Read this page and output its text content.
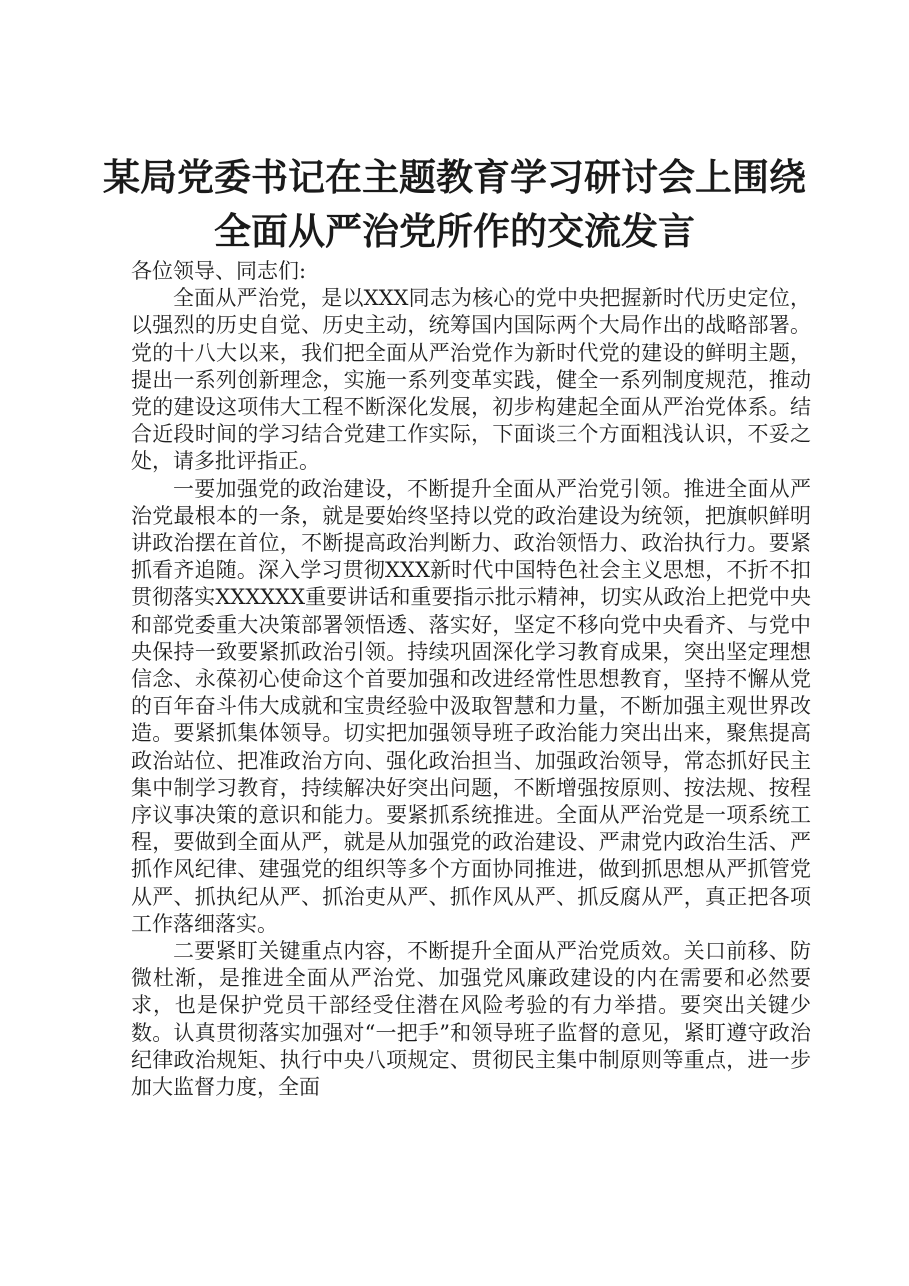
某局党委书记在主题教育学习研讨会上围绕全面从严治党所作的交流发言

各位领导、同志们:

全面从严治党，是以XXX同志为核心的党中央把握新时代历史定位，以强烈的历史自觉、历史主动，统筹国内国际两个大局作出的战略部署。党的十八大以来，我们把全面从严治党作为新时代党的建设的鲜明主题，提出一系列创新理念，实施一系列变革实践，健全一系列制度规范，推动党的建设这项伟大工程不断深化发展，初步构建起全面从严治党体系。结合近段时间的学习结合党建工作实际，下面谈三个方面粗浅认识，不妥之处，请多批评指正。

一要加强党的政治建设，不断提升全面从严治党引领。推进全面从严治党最根本的一条，就是要始终坚持以党的政治建设为统领，把旗帜鲜明讲政治摆在首位，不断提高政治判断力、政治领悟力、政治执行力。要紧抓看齐追随。深入学习贯彻XXX新时代中国特色社会主义思想，不折不扣贯彻落实XXXXXX重要讲话和重要指示批示精神，切实从政治上把党中央和部党委重大决策部署领悟透、落实好，坚定不移向党中央看齐、与党中央保持一致要紧抓政治引领。持续巩固深化学习教育成果，突出坚定理想信念、永葆初心使命这个首要加强和改进经常性思想教育，坚持不懈从党的百年奋斗伟大成就和宝贵经验中汲取智慧和力量，不断加强主观世界改造。要紧抓集体领导。切实把加强领导班子政治能力突出出来，聚焦提高政治站位、把准政治方向、强化政治担当、加强政治领导，常态抓好民主集中制学习教育，持续解决好突出问题，不断增强按原则、按法规、按程序议事决策的意识和能力。要紧抓系统推进。全面从严治党是一项系统工程，要做到全面从严，就是从加强党的政治建设、严肃党内政治生活、严抓作风纪律、建强党的组织等多个方面协同推进，做到抓思想从严抓管党从严、抓执纪从严、抓治吏从严、抓作风从严、抓反腐从严，真正把各项工作落细落实。

二要紧盯关键重点内容，不断提升全面从严治党质效。关口前移、防微杜渐，是推进全面从严治党、加强党风廉政建设的内在需要和必然要求，也是保护党员干部经受住潜在风险考验的有力举措。要突出关键少数。认真贯彻落实加强对“一把手”和领导班子监督的意见，紧盯遵守政治纪律政治规矩、执行中央八项规定、贯彻民主集中制原则等重点，进一步加大监督力度，全面
